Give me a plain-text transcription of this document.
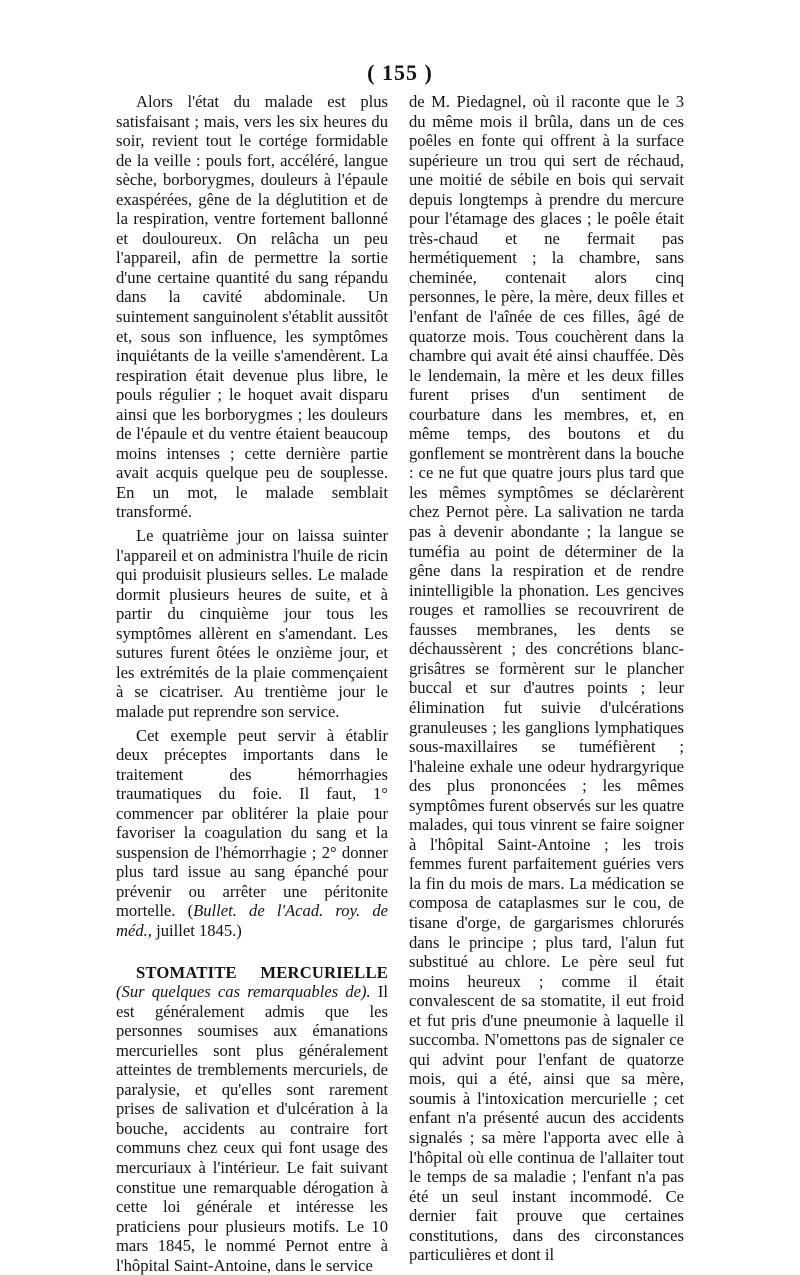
( 155 )

Alors l'état du malade est plus satisfaisant ; mais, vers les six heures du soir, revient tout le cortége formidable de la veille : pouls fort, accéléré, langue sèche, borborygmes, douleurs à l'épaule exaspérées, gêne de la déglutition et de la respiration, ventre fortement ballonné et douloureux. On relâcha un peu l'appareil, afin de permettre la sortie d'une certaine quantité du sang répandu dans la cavité abdominale. Un suintement sanguinolent s'établit aussitôt et, sous son influence, les symptômes inquiétants de la veille s'amendèrent. La respiration était devenue plus libre, le pouls régulier ; le hoquet avait disparu ainsi que les borborygmes ; les douleurs de l'épaule et du ventre étaient beaucoup moins intenses ; cette dernière partie avait acquis quelque peu de souplesse. En un mot, le malade semblait transformé.

Le quatrième jour on laissa suinter l'appareil et on administra l'huile de ricin qui produisit plusieurs selles. Le malade dormit plusieurs heures de suite, et à partir du cinquième jour tous les symptômes allèrent en s'amendant. Les sutures furent ôtées le onzième jour, et les extrémités de la plaie commençaient à se cicatriser. Au trentième jour le malade put reprendre son service.

Cet exemple peut servir à établir deux préceptes importants dans le traitement des hémorrhagies traumatiques du foie. Il faut, 1° commencer par oblitérer la plaie pour favoriser la coagulation du sang et la suspension de l'hémorrhagie ; 2° donner plus tard issue au sang épanché pour prévenir ou arrêter une péritonite mortelle. (Bullet. de l'Acad. roy. de méd., juillet 1845.)

STOMATITE MERCURIELLE (Sur quelques cas remarquables de). Il est généralement admis que les personnes soumises aux émanations mercurielles sont plus généralement atteintes de tremblements mercuriels, de paralysie, et qu'elles sont rarement prises de salivation et d'ulcération à la bouche, accidents au contraire fort communs chez ceux qui font usage des mercuriaux à l'intérieur. Le fait suivant constitue une remarquable dérogation à cette loi générale et intéresse les praticiens pour plusieurs motifs. Le 10 mars 1845, le nommé Pernot entre à l'hôpital Saint-Antoine, dans le service

de M. Piedagnel, où il raconte que le 3 du même mois il brûla, dans un de ces poêles en fonte qui offrent à la surface supérieure un trou qui sert de réchaud, une moitié de sébile en bois qui servait depuis longtemps à prendre du mercure pour l'étamage des glaces ; le poêle était très-chaud et ne fermait pas hermétiquement ; la chambre, sans cheminée, contenait alors cinq personnes, le père, la mère, deux filles et l'enfant de l'aînée de ces filles, âgé de quatorze mois. Tous couchèrent dans la chambre qui avait été ainsi chauffée. Dès le lendemain, la mère et les deux filles furent prises d'un sentiment de courbature dans les membres, et, en même temps, des boutons et du gonflement se montrèrent dans la bouche : ce ne fut que quatre jours plus tard que les mêmes symptômes se déclarèrent chez Pernot père. La salivation ne tarda pas à devenir abondante ; la langue se tuméfia au point de déterminer de la gêne dans la respiration et de rendre inintelligible la phonation. Les gencives rouges et ramollies se recouvrirent de fausses membranes, les dents se déchaussèrent ; des concrétions blanc-grisâtres se formèrent sur le plancher buccal et sur d'autres points ; leur élimination fut suivie d'ulcérations granuleuses ; les ganglions lymphatiques sous-maxillaires se tuméfièrent ; l'haleine exhale une odeur hydrargyrique des plus prononcées ; les mêmes symptômes furent observés sur les quatre malades, qui tous vinrent se faire soigner à l'hôpital Saint-Antoine ; les trois femmes furent parfaitement guéries vers la fin du mois de mars. La médication se composa de cataplasmes sur le cou, de tisane d'orge, de gargarismes chlorurés dans le principe ; plus tard, l'alun fut substitué au chlore. Le père seul fut moins heureux ; comme il était convalescent de sa stomatite, il eut froid et fut pris d'une pneumonie à laquelle il succomba. N'omettons pas de signaler ce qui advint pour l'enfant de quatorze mois, qui a été, ainsi que sa mère, soumis à l'intoxication mercurielle ; cet enfant n'a présenté aucun des accidents signalés ; sa mère l'apporta avec elle à l'hôpital où elle continua de l'allaiter tout le temps de sa maladie ; l'enfant n'a pas été un seul instant incommodé. Ce dernier fait prouve que certaines constitutions, dans des circonstances particulières et dont il
